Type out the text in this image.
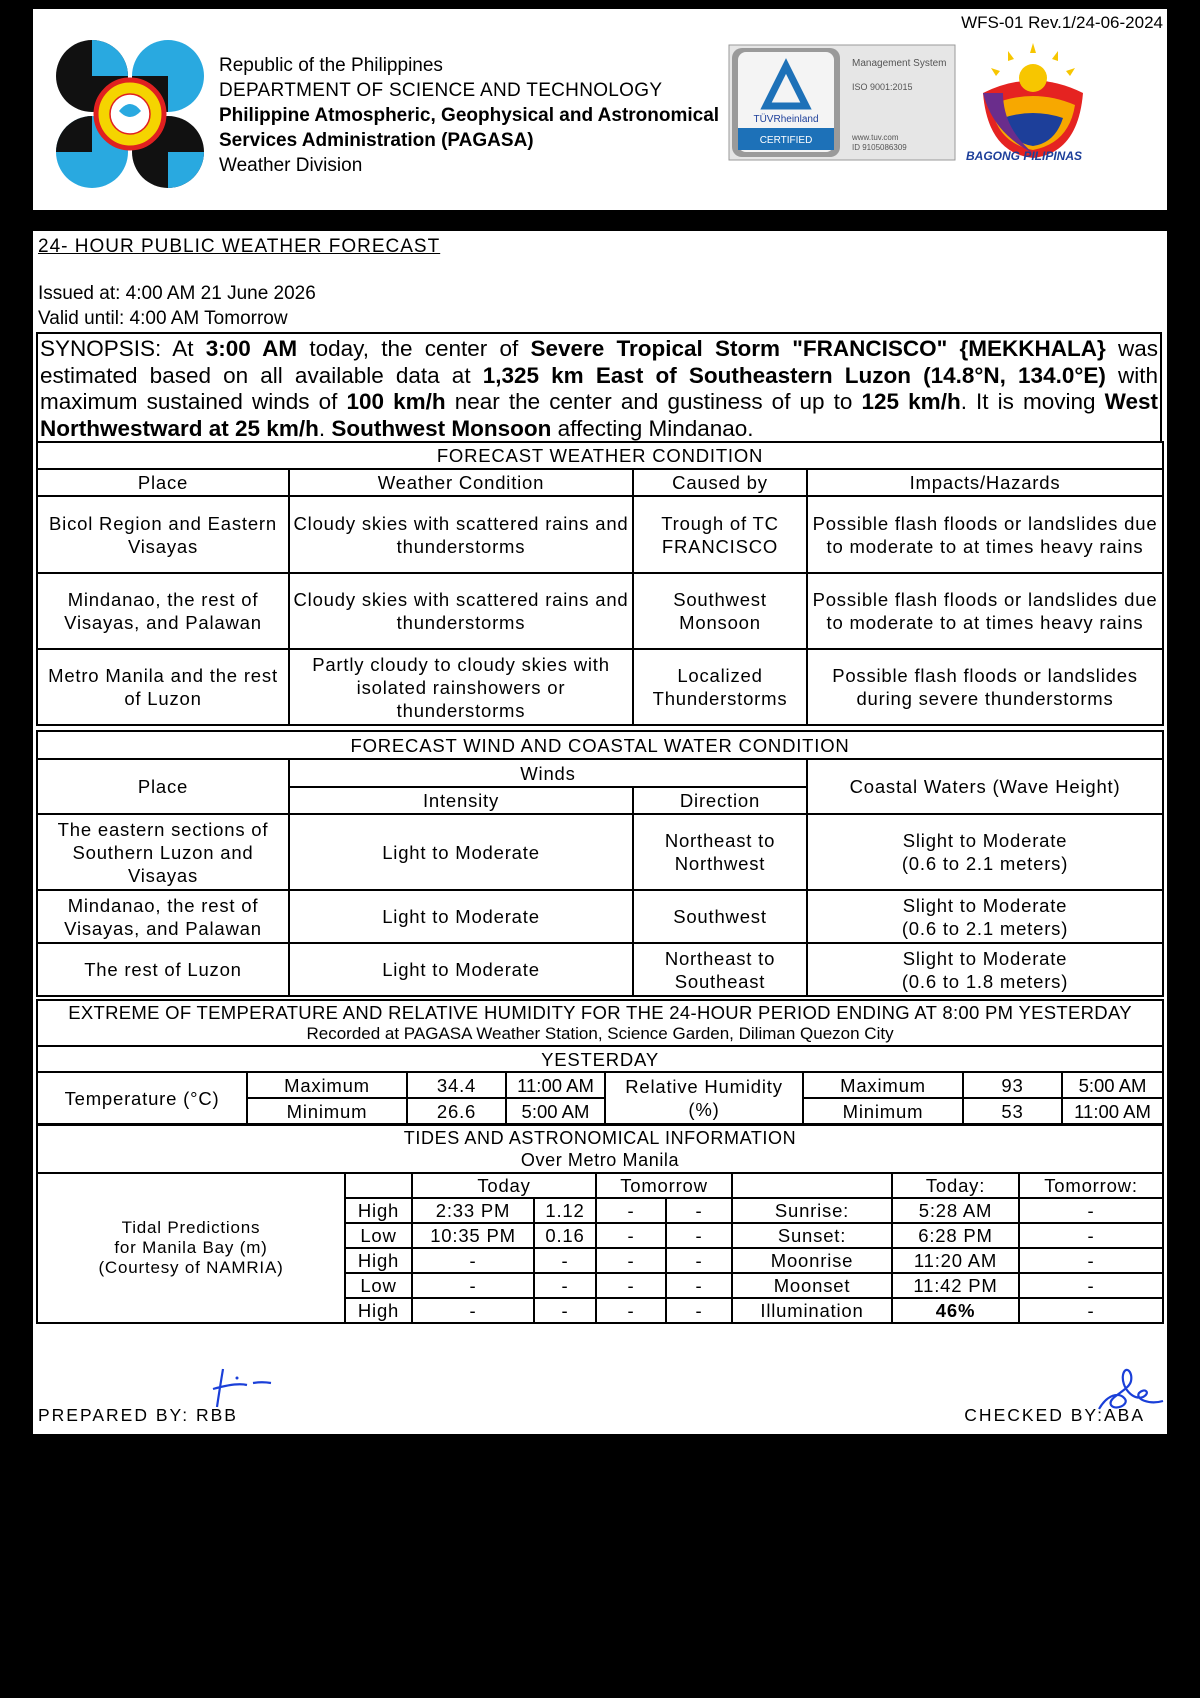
WFS-01 Rev.1/24-06-2024
Republic of the Philippines
DEPARTMENT OF SCIENCE AND TECHNOLOGY
Philippine Atmospheric, Geophysical and Astronomical
Services Administration (PAGASA)
Weather Division
TÜVRheinland
CERTIFIED
Management System
ISO 9001:2015
www.tuv.com
ID 9105086309
BAGONG PILIPINAS
24- HOUR PUBLIC WEATHER FORECAST
Issued at: 4:00 AM 21 June 2026
Valid until: 4:00 AM Tomorrow
SYNOPSIS: At 3:00 AM today, the center of Severe Tropical Storm "FRANCISCO" {MEKKHALA} was estimated based on all available data at 1,325 km East of Southeastern Luzon (14.8°N, 134.0°E) with maximum sustained winds of 100 km/h near the center and gustiness of up to 125 km/h. It is moving West Northwestward at 25 km/h. Southwest Monsoon affecting Mindanao.
FORECAST WEATHER CONDITION			
Place	Weather Condition	Caused by	Impacts/Hazards
Bicol Region and Eastern Visayas	Cloudy skies with scattered rains and thunderstorms	Trough of TC FRANCISCO	Possible flash floods or landslides due to moderate to at times heavy rains
Mindanao, the rest of Visayas, and Palawan	Cloudy skies with scattered rains and thunderstorms	Southwest Monsoon	Possible flash floods or landslides due to moderate to at times heavy rains
Metro Manila and the rest of Luzon	Partly cloudy to cloudy skies with isolated rainshowers or thunderstorms	Localized Thunderstorms	Possible flash floods or landslides during severe thunderstorms
FORECAST WIND AND COASTAL WATER CONDITION			
Place	Winds		Coastal Waters (Wave Height)
	Intensity	Direction	
The eastern sections of Southern Luzon and Visayas	Light to Moderate	Northeast to Northwest	Slight to Moderate
(0.6 to 2.1 meters)

Mindanao, the rest of Visayas, and Palawan	Light to Moderate	Southwest	Slight to Moderate
(0.6 to 2.1 meters)

The rest of Luzon	Light to Moderate	Northeast to Southeast	Slight to Moderate
(0.6 to 1.8 meters)
EXTREME OF TEMPERATURE AND RELATIVE HUMIDITY FOR THE 24-HOUR PERIOD ENDING AT 8:00 PM YESTERDAY
Recorded at PAGASA Weather Station, Science Garden, Diliman Quezon City							

YESTERDAY							
Temperature (°C)	Maximum	34.4	11:00 AM	Relative Humidity (%)	Maximum	93	5:00 AM
	Minimum	26.6	5:00 AM		Minimum	53	11:00 AM
TIDES AND ASTRONOMICAL INFORMATION
Over Metro Manila								

Tidal Predictions
for Manila Bay (m)
(Courtesy of NAMRIA)		Today		Tomorrow			Today:	Tomorrow:
	High	2:33 PM	1.12	-	-	Sunrise:	5:28 AM	-
	Low	10:35 PM	0.16	-	-	Sunset:	6:28 PM	-
	High	-	-	-	-	Moonrise	11:20 AM	-
	Low	-	-	-	-	Moonset	11:42 PM	-
	High	-	-	-	-	Illumination	46%	-
PREPARED BY: RBB	CHECKED BY:ABA
